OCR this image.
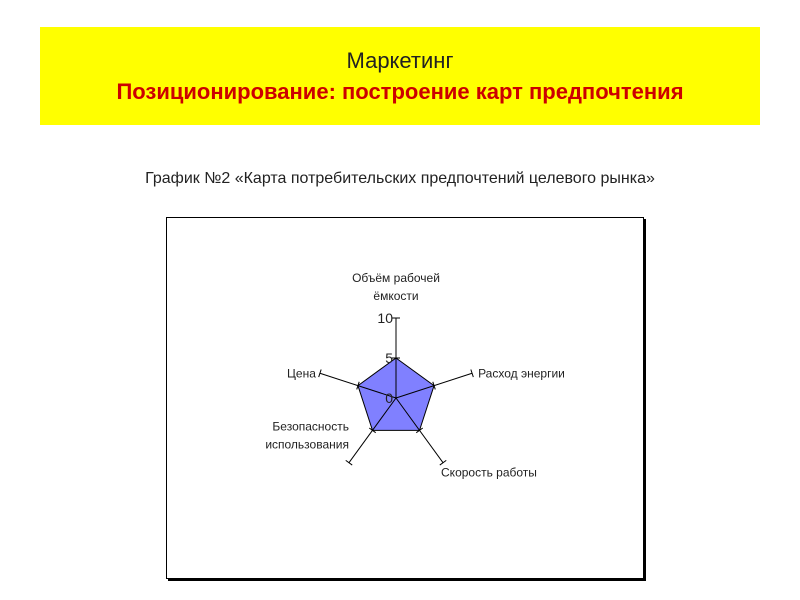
Маркетинг
Позиционирование: построение карт предпочтения
График №2 «Карта потребительских предпочтений целевого рынка»
0
5
10
Объём рабочей
ёмкости
Расход энергии
Скорость работы
Безопасность
использования
Цена
